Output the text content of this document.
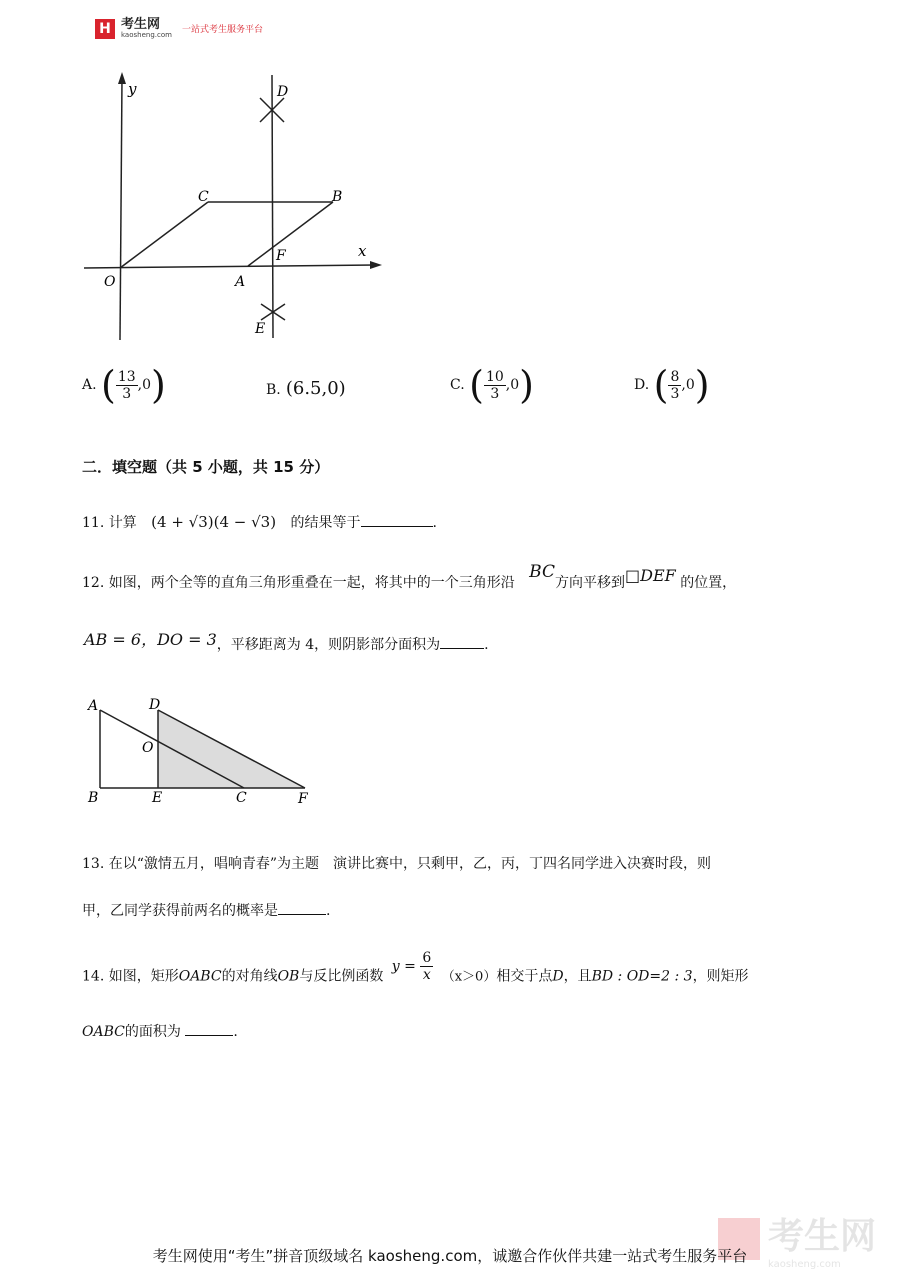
H 考生网
kaosheng.com 一站式考生服务平台
y
x
O	A
B
C
D
E
F
A. ( $\frac{13}{3} ,0$)	B. (6.5,0)	C. ( $\frac{10}{3} ,0$)	D. ( $\frac{8}{3} ,0$)
二．填空题（共 5 小题，共 15 分）
11. 计算 (4 + √3)(4 − √3) 的结果等于	.
12. 如图，两个全等的直角三角形重叠在一起，将其中的一个三角形沿 BC方向平移到□DEF 的位置，
AB = 6，DO = 3，平移距离为 4，则阴影部分面积为	.
A	D
O
B	E	C	F
13. 在以“激情五月，唱响青春”为主题　演讲比赛中，只剩甲，乙，丙，丁四名同学进入决赛时段，则
甲，乙同学获得前两名的概率是	.
14. 如图，矩形OABC的对角线OB与反比例函数 $y = \frac{6}{x} (x>0)$相交于点D，且BD : OD=2 : 3，则矩形
OABC的面积为	.
考生网
kaosheng.com
考生网使用“考生”拼音顶级域名 kaosheng.com，诚邀合作伙伴共建一站式考生服务平台
